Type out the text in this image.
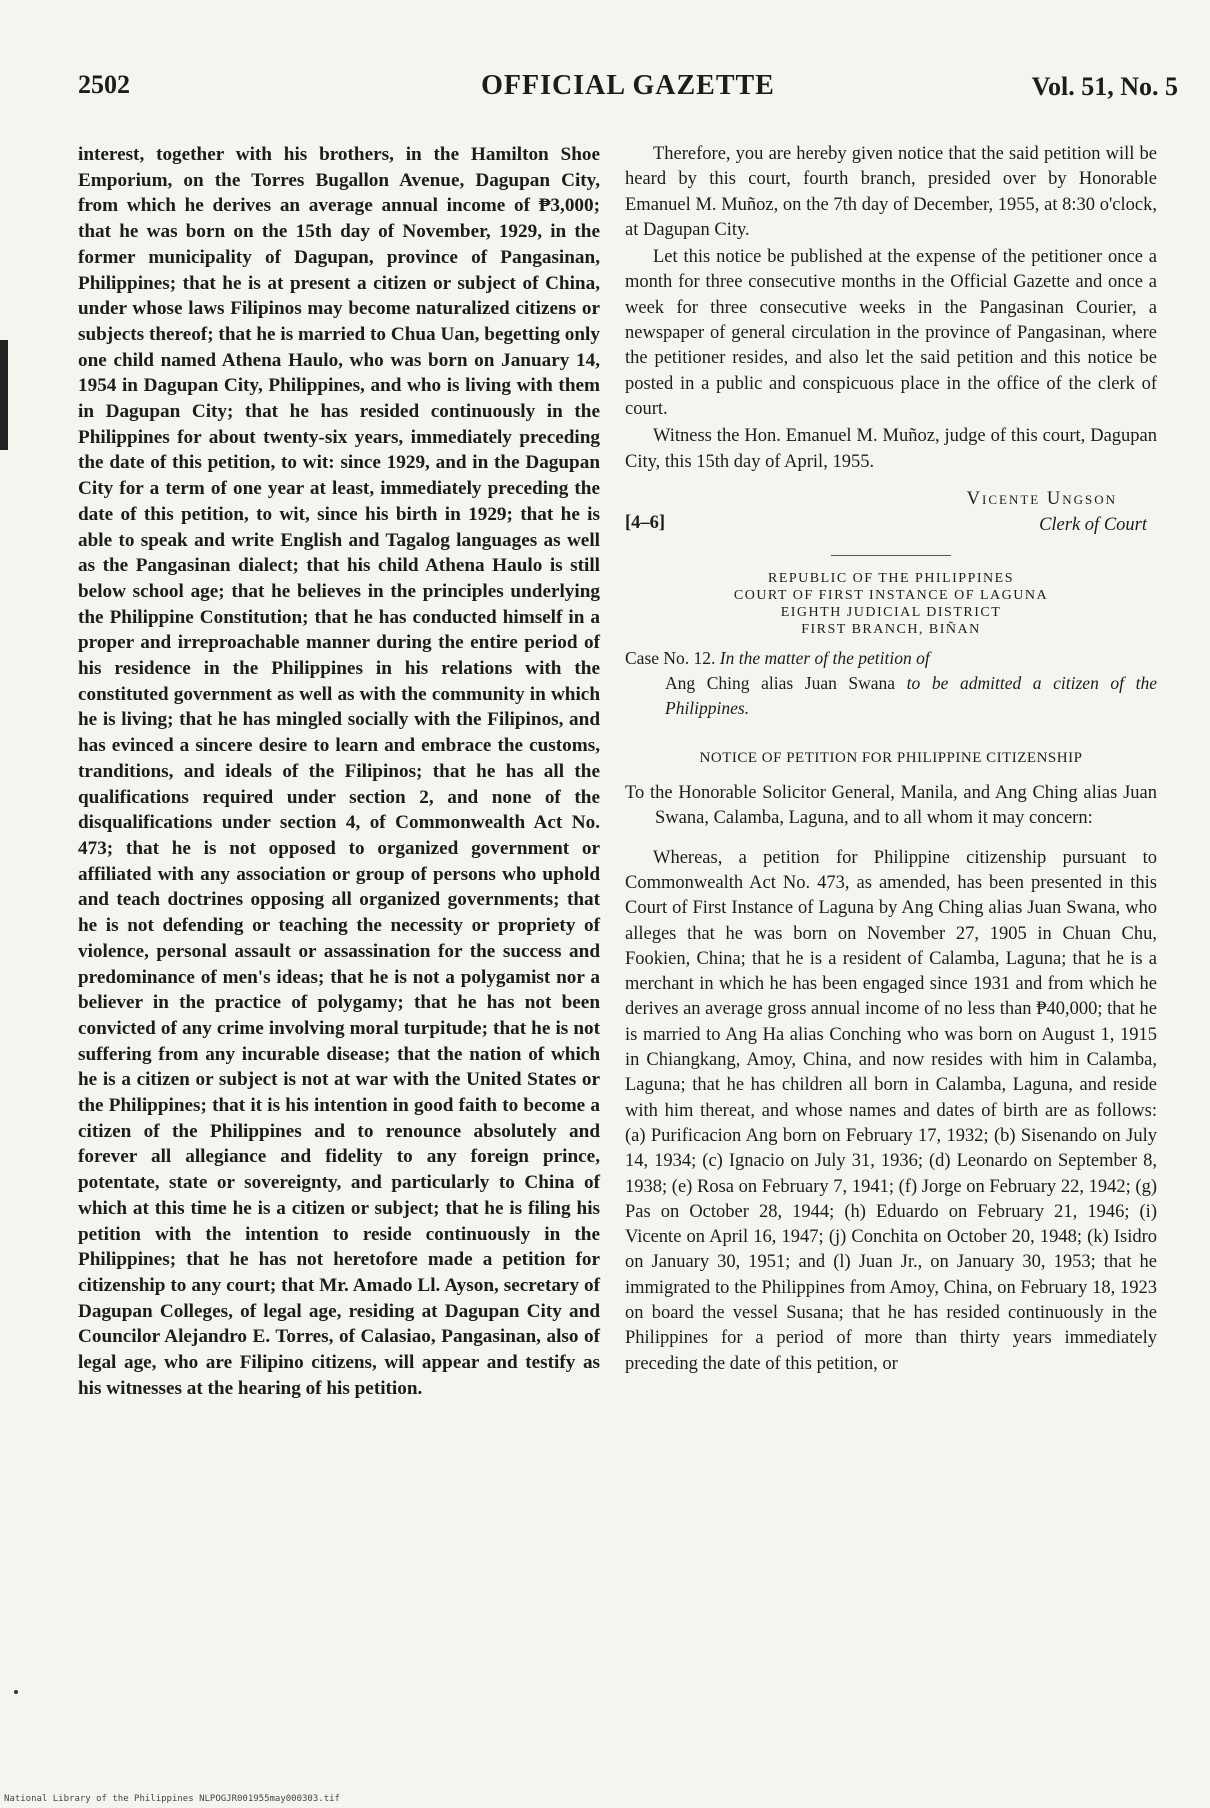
2502	OFFICIAL GAZETTE	Vol. 51, No. 5

interest, together with his brothers, in the Hamilton Shoe Emporium, on the Torres Bugallon Avenue, Dagupan City, from which he derives an average annual income of ₱3,000; that he was born on the 15th day of November, 1929, in the former municipality of Dagupan, province of Pangasinan, Philippines; that he is at present a citizen or subject of China, under whose laws Filipinos may become naturalized citizens or subjects thereof; that he is married to Chua Uan, begetting only one child named Athena Haulo, who was born on January 14, 1954 in Dagupan City, Philippines, and who is living with them in Dagupan City; that he has resided continuously in the Philippines for about twenty-six years, immediately preceding the date of this petition, to wit: since 1929, and in the Dagupan City for a term of one year at least, immediately preceding the date of this petition, to wit, since his birth in 1929; that he is able to speak and write English and Tagalog languages as well as the Pangasinan dialect; that his child Athena Haulo is still below school age; that he believes in the principles underlying the Philippine Constitution; that he has conducted himself in a proper and irreproachable manner during the entire period of his residence in the Philippines in his relations with the constituted government as well as with the community in which he is living; that he has mingled socially with the Filipinos, and has evinced a sincere desire to learn and embrace the customs, tranditions, and ideals of the Filipinos; that he has all the qualifications required under section 2, and none of the disqualifications under section 4, of Commonwealth Act No. 473; that he is not opposed to organized government or affiliated with any association or group of persons who uphold and teach doctrines opposing all organized governments; that he is not defending or teaching the necessity or propriety of violence, personal assault or assassination for the success and predominance of men's ideas; that he is not a polygamist nor a believer in the practice of polygamy; that he has not been convicted of any crime involving moral turpitude; that he is not suffering from any incurable disease; that the nation of which he is a citizen or subject is not at war with the United States or the Philippines; that it is his intention in good faith to become a citizen of the Philippines and to renounce absolutely and forever all allegiance and fidelity to any foreign prince, potentate, state or sovereignty, and particularly to China of which at this time he is a citizen or subject; that he is filing his petition with the intention to reside continuously in the Philippines; that he has not heretofore made a petition for citizenship to any court; that Mr. Amado Ll. Ayson, secretary of Dagupan Colleges, of legal age, residing at Dagupan City and Councilor Alejandro E. Torres, of Calasiao, Pangasinan, also of legal age, who are Filipino citizens, will appear and testify as his witnesses at the hearing of his petition.

Therefore, you are hereby given notice that the said petition will be heard by this court, fourth branch, presided over by Honorable Emanuel M. Muñoz, on the 7th day of December, 1955, at 8:30 o'clock, at Dagupan City.

Let this notice be published at the expense of the petitioner once a month for three consecutive months in the Official Gazette and once a week for three consecutive weeks in the Pangasinan Courier, a newspaper of general circulation in the province of Pangasinan, where the petitioner resides, and also let the said petition and this notice be posted in a public and conspicuous place in the office of the clerk of court.

Witness the Hon. Emanuel M. Muñoz, judge of this court, Dagupan City, this 15th day of April, 1955.

[4–6]
Vicente Ungson
Clerk of Court
REPUBLIC OF THE PHILIPPINES
COURT OF FIRST INSTANCE OF LAGUNA
EIGHTH JUDICIAL DISTRICT
FIRST BRANCH, BIÑAN
Case No. 12. In the matter of the petition of
Ang Ching alias Juan Swana to be admitted a citizen of the Philippines.
NOTICE OF PETITION FOR PHILIPPINE CITIZENSHIP

To the Honorable Solicitor General, Manila, and Ang Ching alias Juan Swana, Calamba, Laguna, and to all whom it may concern:

Whereas, a petition for Philippine citizenship pursuant to Commonwealth Act No. 473, as amended, has been presented in this Court of First Instance of Laguna by Ang Ching alias Juan Swana, who alleges that he was born on November 27, 1905 in Chuan Chu, Fookien, China; that he is a resident of Calamba, Laguna; that he is a merchant in which he has been engaged since 1931 and from which he derives an average gross annual income of no less than ₱40,000; that he is married to Ang Ha alias Conching who was born on August 1, 1915 in Chiangkang, Amoy, China, and now resides with him in Calamba, Laguna; that he has children all born in Calamba, Laguna, and reside with him thereat, and whose names and dates of birth are as follows: (a) Purificacion Ang born on February 17, 1932; (b) Sisenando on July 14, 1934; (c) Ignacio on July 31, 1936; (d) Leonardo on September 8, 1938; (e) Rosa on February 7, 1941; (f) Jorge on February 22, 1942; (g) Pas on October 28, 1944; (h) Eduardo on February 21, 1946; (i) Vicente on April 16, 1947; (j) Conchita on October 20, 1948; (k) Isidro on January 30, 1951; and (l) Juan Jr., on January 30, 1953; that he immigrated to the Philippines from Amoy, China, on February 18, 1923 on board the vessel Susana; that he has resided continuously in the Philippines for a period of more than thirty years immediately preceding the date of this petition, or

National Library of the Philippines NLPOGJR001955may000303.tif
